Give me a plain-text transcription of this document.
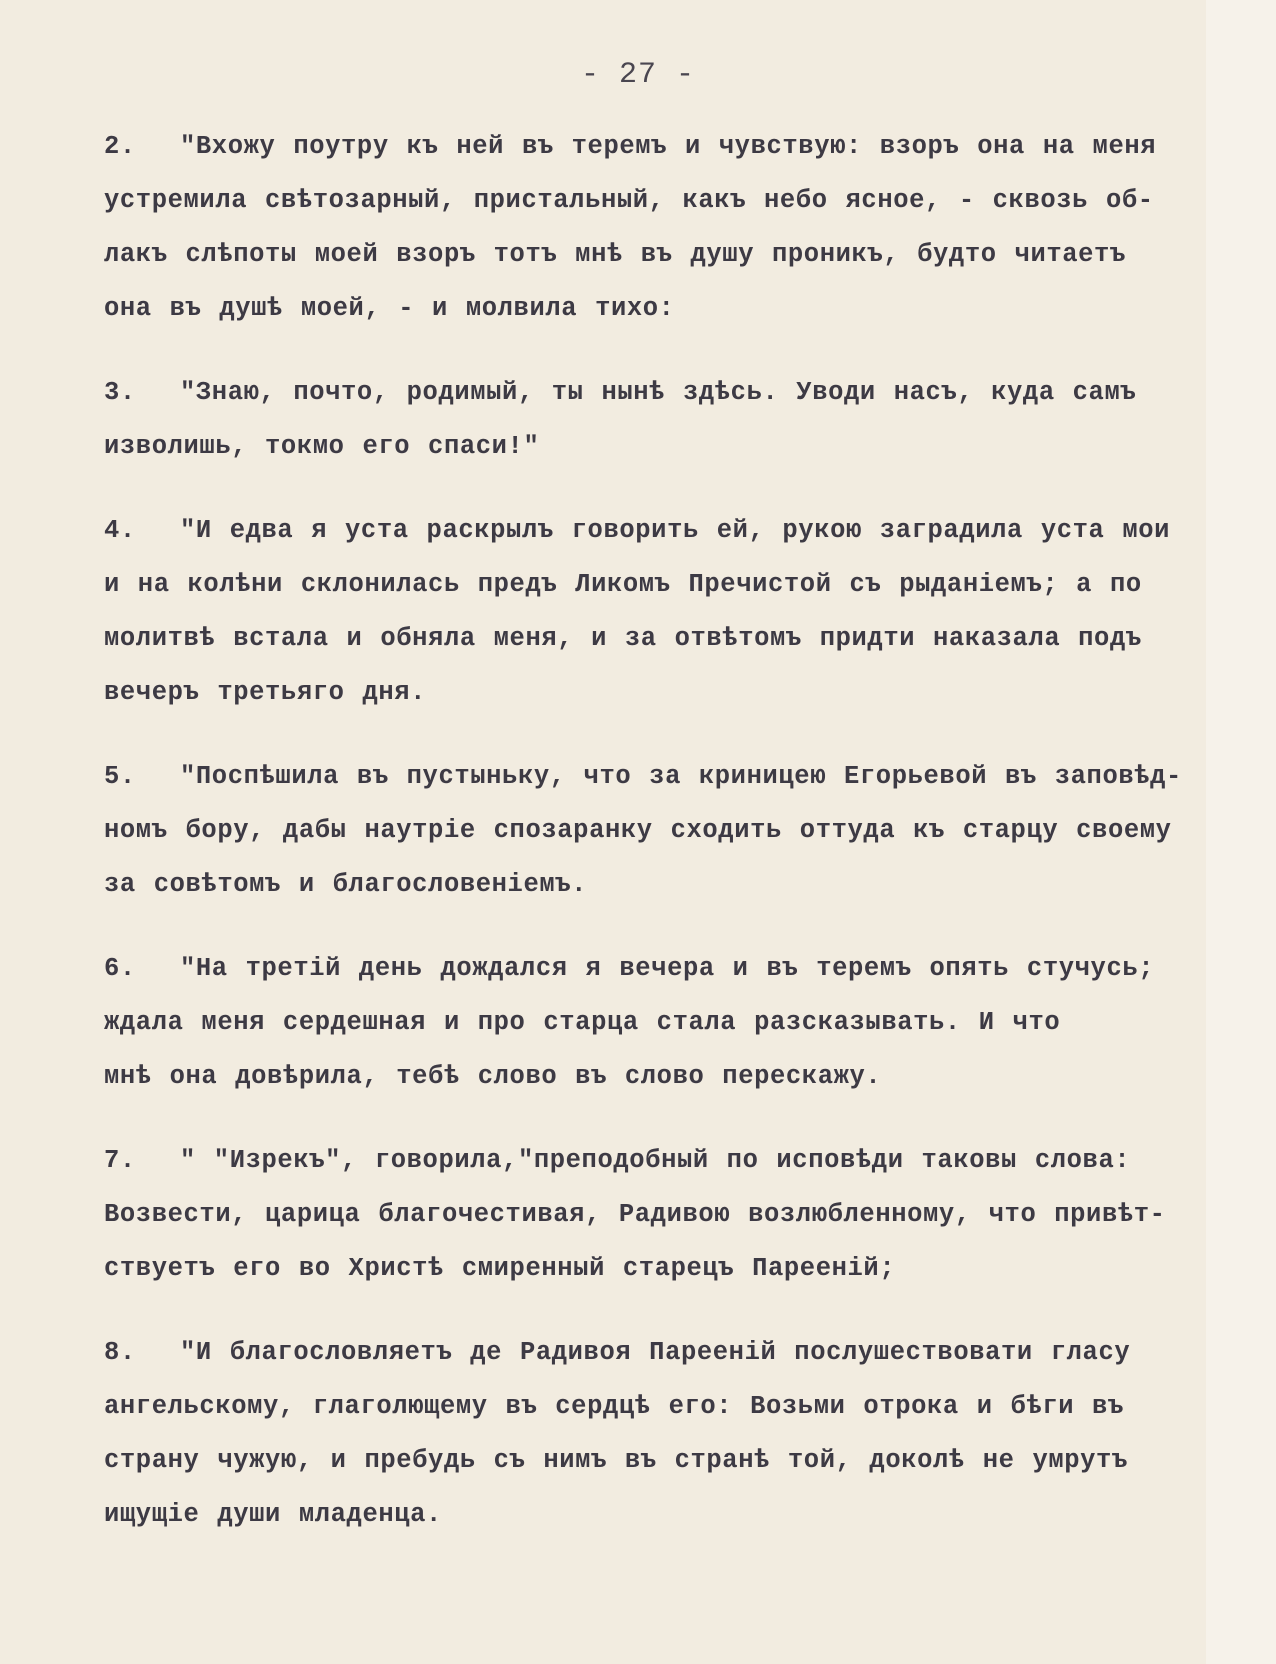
- 27 -
2. "Вхожу поутру къ ней въ теремъ и чувствую: взоръ она на меня
устремила свѣтозарный, пристальный, какъ небо ясное, - сквозь об-
лакъ слѣпоты моей взоръ тотъ мнѣ въ душу проникъ, будто читаетъ
она въ душѣ моей, - и молвила тихо:
3. "Знаю, почто, родимый, ты нынѣ здѣсь. Уводи насъ, куда самъ
изволишь, токмо его спаси!"
4. "И едва я уста раскрылъ говорить ей, рукою заградила уста мои
и на колѣни склонилась предъ Ликомъ Пречистой съ рыданіемъ; а по
молитвѣ встала и обняла меня, и за отвѣтомъ придти наказала подъ
вечеръ третьяго дня.
5. "Поспѣшила въ пустыньку, что за криницею Егорьевой въ заповѣд-
номъ бору, дабы наутріе спозаранку сходить оттуда къ старцу своему
за совѣтомъ и благословеніемъ.
6. "На третій день дождался я вечера и въ теремъ опять стучусь;
ждала меня сердешная и про старца стала разсказывать. И что
мнѣ она довѣрила, тебѣ слово въ слово перескажу.
7. " "Изрекъ", говорила,"преподобный по исповѣди таковы слова:
Возвести, царица благочестивая, Радивою возлюбленному, что привѣт-
ствуетъ его во Христѣ смиренный старецъ Парееній;
8. "И благословляетъ де Радивоя Парееній послушествовати гласу
ангельскому, глаголющему въ сердцѣ его: Возьми отрока и бѣги въ
страну чужую, и пребудь съ нимъ въ странѣ той, доколѣ не умрутъ
ищущіе души младенца.
